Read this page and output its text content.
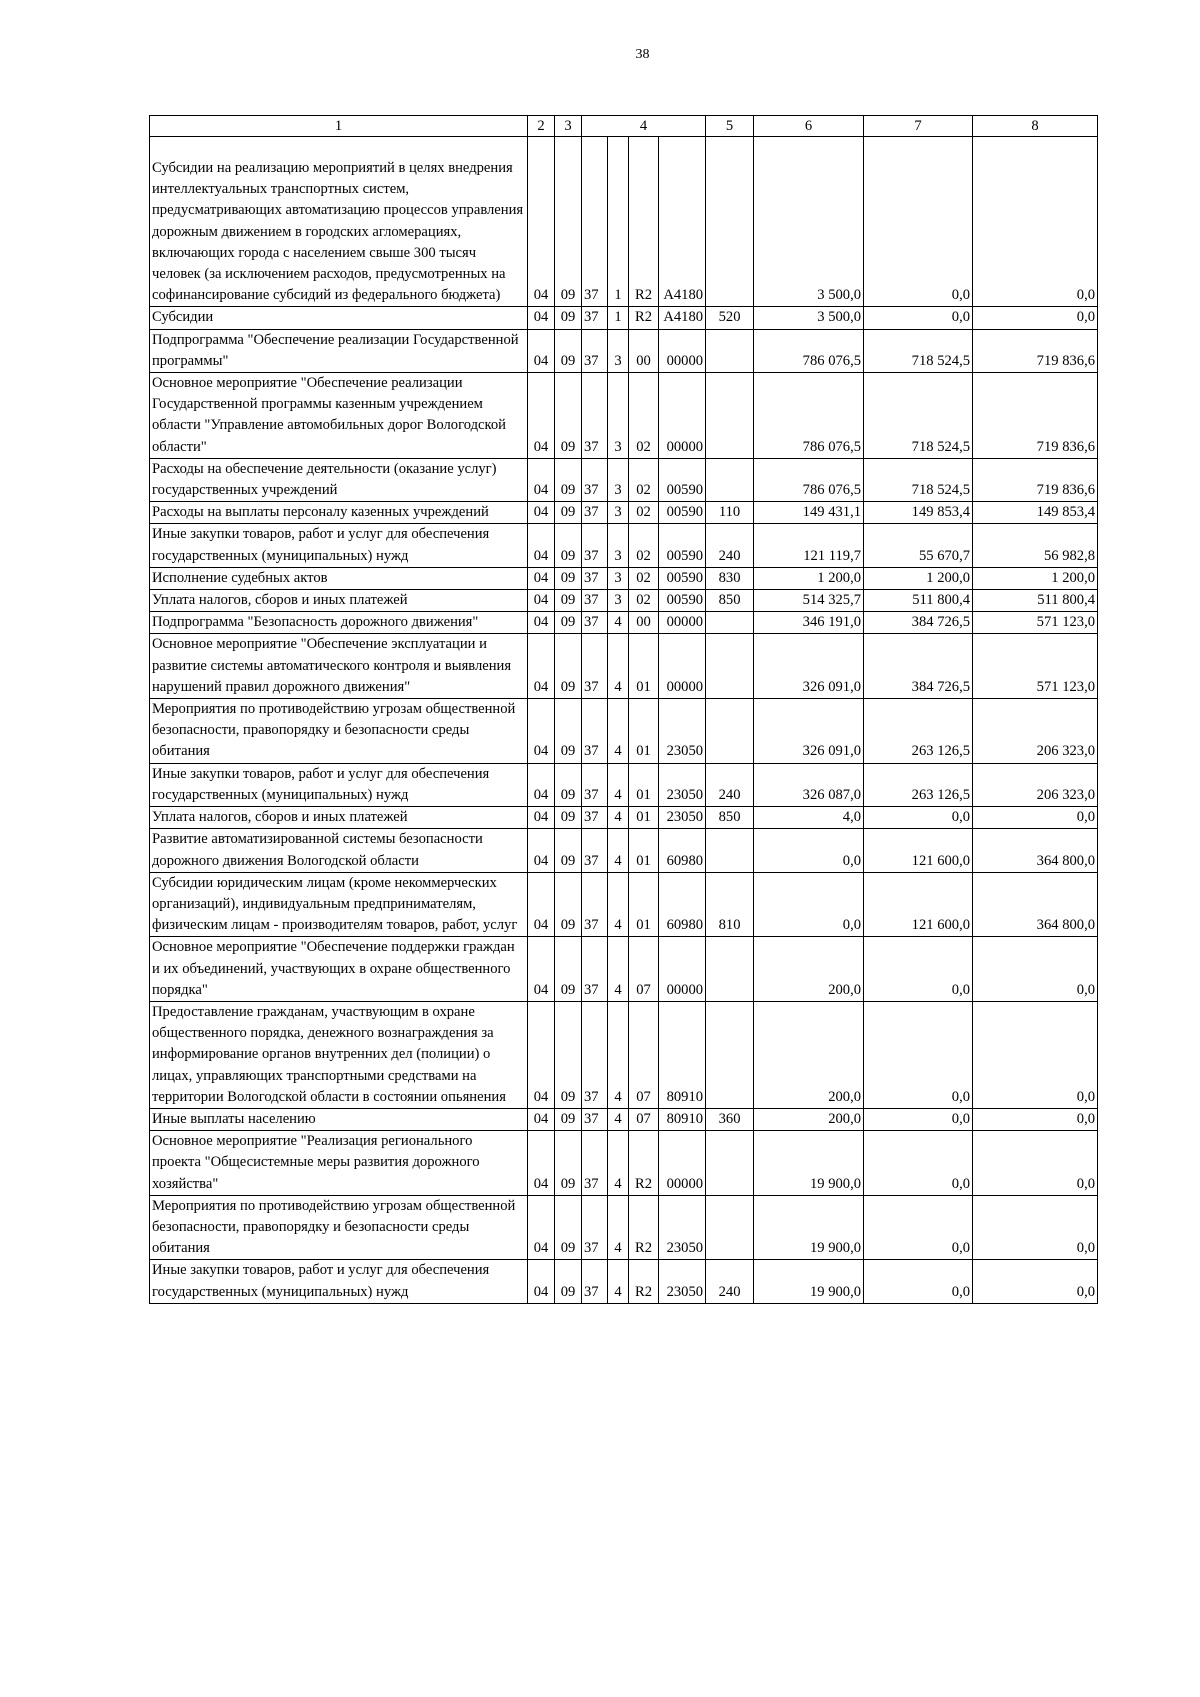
38
1	2	3	4				5	6	7	8
Субсидии на реализацию мероприятий в целях внедрения интеллектуальных транспортных систем, предусматривающих автоматизацию процессов управления дорожным движением в городских агломерациях, включающих города с населением свыше 300 тысяч человек (за исключением расходов, предусмотренных на софинансирование субсидий из федерального бюджета)	04	09	37	1	R2	A4180		3 500,0	0,0	0,0
Субсидии	04	09	37	1	R2	A4180	520	3 500,0	0,0	0,0
Подпрограмма "Обеспечение реализации Государственной программы"	04	09	37	3	00	00000		786 076,5	718 524,5	719 836,6
Основное мероприятие "Обеспечение реализации Государственной программы казенным учреждением области "Управление автомобильных дорог Вологодской области"	04	09	37	3	02	00000		786 076,5	718 524,5	719 836,6
Расходы на обеспечение деятельности (оказание услуг) государственных учреждений	04	09	37	3	02	00590		786 076,5	718 524,5	719 836,6
Расходы на выплаты персоналу казенных учреждений	04	09	37	3	02	00590	110	149 431,1	149 853,4	149 853,4
Иные закупки товаров, работ и услуг для обеспечения государственных (муниципальных) нужд	04	09	37	3	02	00590	240	121 119,7	55 670,7	56 982,8
Исполнение судебных актов	04	09	37	3	02	00590	830	1 200,0	1 200,0	1 200,0
Уплата налогов, сборов и иных платежей	04	09	37	3	02	00590	850	514 325,7	511 800,4	511 800,4
Подпрограмма "Безопасность дорожного движения"	04	09	37	4	00	00000		346 191,0	384 726,5	571 123,0
Основное мероприятие "Обеспечение эксплуатации и развитие системы автоматического контроля и выявления нарушений правил дорожного движения"	04	09	37	4	01	00000		326 091,0	384 726,5	571 123,0
Мероприятия по противодействию угрозам общественной безопасности, правопорядку и безопасности среды обитания	04	09	37	4	01	23050		326 091,0	263 126,5	206 323,0
Иные закупки товаров, работ и услуг для обеспечения государственных (муниципальных) нужд	04	09	37	4	01	23050	240	326 087,0	263 126,5	206 323,0
Уплата налогов, сборов и иных платежей	04	09	37	4	01	23050	850	4,0	0,0	0,0
Развитие автоматизированной системы безопасности дорожного движения Вологодской области	04	09	37	4	01	60980		0,0	121 600,0	364 800,0
Субсидии юридическим лицам (кроме некоммерческих организаций), индивидуальным предпринимателям, физическим лицам - производителям товаров, работ, услуг	04	09	37	4	01	60980	810	0,0	121 600,0	364 800,0
Основное мероприятие "Обеспечение поддержки граждан и их объединений, участвующих в охране общественного порядка"	04	09	37	4	07	00000		200,0	0,0	0,0
Предоставление гражданам, участвующим в охране общественного порядка, денежного вознаграждения за информирование органов внутренних дел (полиции) о лицах, управляющих транспортными средствами на территории Вологодской области в состоянии опьянения	04	09	37	4	07	80910		200,0	0,0	0,0
Иные выплаты населению	04	09	37	4	07	80910	360	200,0	0,0	0,0
Основное мероприятие "Реализация регионального проекта "Общесистемные меры развития дорожного хозяйства"	04	09	37	4	R2	00000		19 900,0	0,0	0,0
Мероприятия по противодействию угрозам общественной безопасности, правопорядку и безопасности среды обитания	04	09	37	4	R2	23050		19 900,0	0,0	0,0
Иные закупки товаров, работ и услуг для обеспечения государственных (муниципальных) нужд	04	09	37	4	R2	23050	240	19 900,0	0,0	0,0
